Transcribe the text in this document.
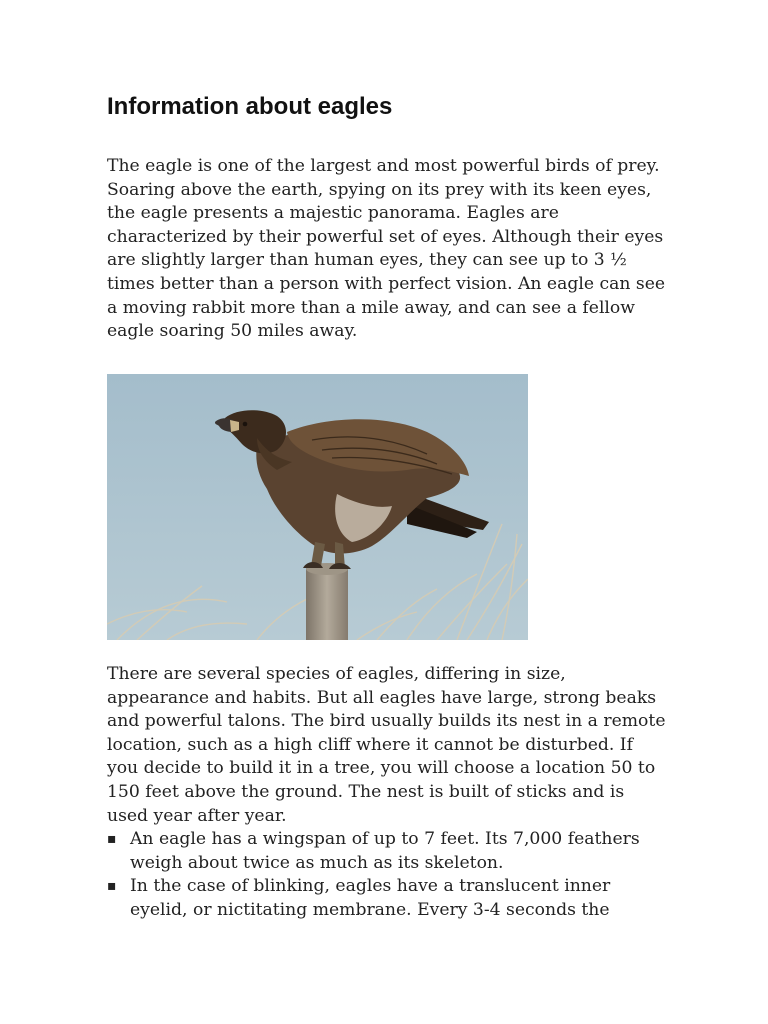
Information about eagles

The eagle is one of the largest and most powerful birds of prey. Soaring above the earth, spying on its prey with its keen eyes, the eagle presents a majestic panorama. Eagles are characterized by their powerful set of eyes. Although their eyes are slightly larger than human eyes, they can see up to 3 ½ times better than a person with perfect vision. An eagle can see a moving rabbit more than a mile away, and can see a fellow eagle soaring 50 miles away.

There are several species of eagles, differing in size, appearance and habits. But all eagles have large, strong beaks and powerful talons. The bird usually builds its nest in a remote location, such as a high cliff where it cannot be disturbed. If you decide to build it in a tree, you will choose a location 50 to 150 feet above the ground. The nest is built of sticks and is used year after year.

▪ An eagle has a wingspan of up to 7 feet. Its 7,000 feathers weigh about twice as much as its skeleton.
▪ In the case of blinking, eagles have a translucent inner eyelid, or nictitating membrane. Every 3-4 seconds the
